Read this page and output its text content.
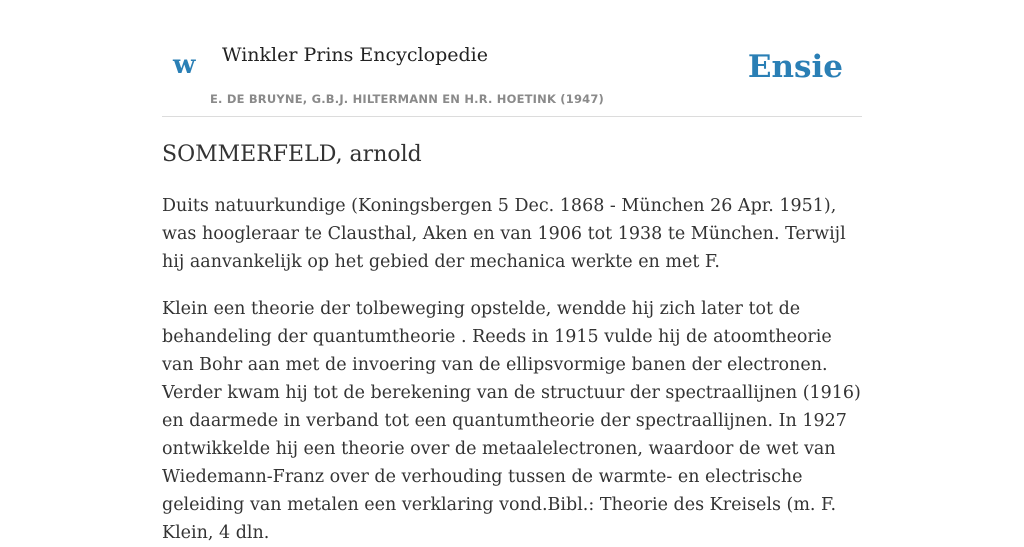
w Winkler Prins Encyclopedie
E. DE BRUYNE, G.B.J. HILTERMANN EN H.R. HOETINK (1947)
Ensie
SOMMERFELD, arnold

Duits natuurkundige (Koningsbergen 5 Dec. 1868 - München 26 Apr. 1951), was hoogleraar te Clausthal, Aken en van 1906 tot 1938 te München. Terwijl hij aanvankelijk op het gebied der mechanica werkte en met F.

Klein een theorie der tolbeweging opstelde, wendde hij zich later tot de behandeling der quantumtheorie . Reeds in 1915 vulde hij de atoomtheorie van Bohr aan met de invoering van de ellipsvormige banen der electronen. Verder kwam hij tot de berekening van de structuur der spectraallijnen (1916) en daarmede in verband tot een quantumtheorie der spectraallijnen. In 1927 ontwikkelde hij een theorie over de metaalelectronen, waardoor de wet van Wiedemann-Franz over de verhouding tussen de warmte- en electrische geleiding van metalen een verklaring vond.Bibl.: Theorie des Kreisels (m. F. Klein, 4 dln.
